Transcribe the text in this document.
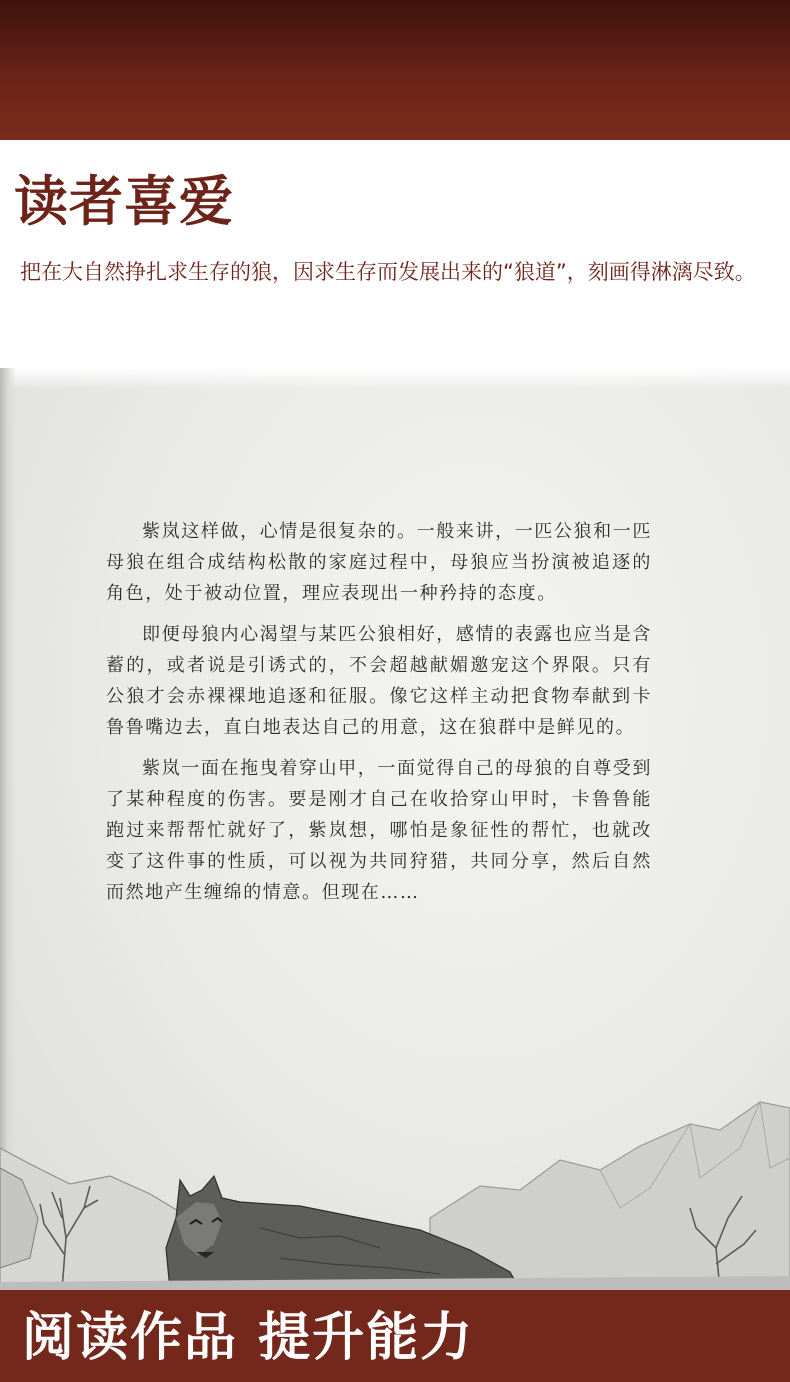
读者喜爱
把在大自然挣扎求生存的狼，因求生存而发展出来的“狼道”，刻画得淋漓尽致。

紫岚这样做，心情是很复杂的。一般来讲，一匹公狼和一匹母狼在组合成结构松散的家庭过程中，母狼应当扮演被追逐的角色，处于被动位置，理应表现出一种矜持的态度。

即便母狼内心渴望与某匹公狼相好，感情的表露也应当是含蓄的，或者说是引诱式的，不会超越献媚邀宠这个界限。只有公狼才会赤裸裸地追逐和征服。像它这样主动把食物奉献到卡鲁鲁嘴边去，直白地表达自己的用意，这在狼群中是鲜见的。

紫岚一面在拖曳着穿山甲，一面觉得自己的母狼的自尊受到了某种程度的伤害。要是刚才自己在收拾穿山甲时，卡鲁鲁能跑过来帮帮忙就好了，紫岚想，哪怕是象征性的帮忙，也就改变了这件事的性质，可以视为共同狩猎，共同分享，然后自然而然地产生缠绵的情意。但现在……

阅读作品 提升能力
